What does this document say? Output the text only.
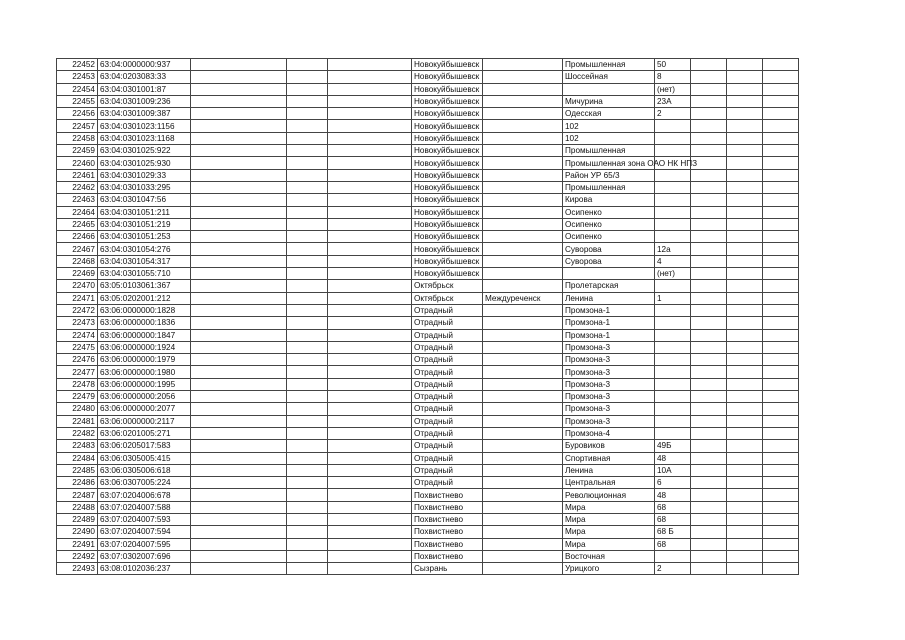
22452	63:04:0000000:937				Новокуйбышевск		Промышленная	50			
22453	63:04:0203083:33				Новокуйбышевск		Шоссейная	8			
22454	63:04:0301001:87				Новокуйбышевск			(нет)			
22455	63:04:0301009:236				Новокуйбышевск		Мичурина	23А			
22456	63:04:0301009:387				Новокуйбышевск		Одесская	2			
22457	63:04:0301023:1156				Новокуйбышевск		102				
22458	63:04:0301023:1168				Новокуйбышевск		102				
22459	63:04:0301025:922				Новокуйбышевск		Промышленная				
22460	63:04:0301025:930				Новокуйбышевск		Промышленная зона ОАО НК НПЗ				
22461	63:04:0301029:33				Новокуйбышевск		Район УР 65/3				
22462	63:04:0301033:295				Новокуйбышевск		Промышленная				
22463	63:04:0301047:56				Новокуйбышевск		Кирова				
22464	63:04:0301051:211				Новокуйбышевск		Осипенко				
22465	63:04:0301051:219				Новокуйбышевск		Осипенко				
22466	63:04:0301051:253				Новокуйбышевск		Осипенко				
22467	63:04:0301054:276				Новокуйбышевск		Суворова	12а			
22468	63:04:0301054:317				Новокуйбышевск		Суворова	4			
22469	63:04:0301055:710				Новокуйбышевск			(нет)			
22470	63:05:0103061:367				Октябрьск		Пролетарская				
22471	63:05:0202001:212				Октябрьск	Междуреченск	Ленина	1			
22472	63:06:0000000:1828				Отрадный		Промзона-1				
22473	63:06:0000000:1836				Отрадный		Промзона-1				
22474	63:06:0000000:1847				Отрадный		Промзона-1				
22475	63:06:0000000:1924				Отрадный		Промзона-3				
22476	63:06:0000000:1979				Отрадный		Промзона-3				
22477	63:06:0000000:1980				Отрадный		Промзона-3				
22478	63:06:0000000:1995				Отрадный		Промзона-3				
22479	63:06:0000000:2056				Отрадный		Промзона-3				
22480	63:06:0000000:2077				Отрадный		Промзона-3				
22481	63:06:0000000:2117				Отрадный		Промзона-3				
22482	63:06:0201005:271				Отрадный		Промзона-4				
22483	63:06:0205017:583				Отрадный		Буровиков	49Б			
22484	63:06:0305005:415				Отрадный		Спортивная	48			
22485	63:06:0305006:618				Отрадный		Ленина	10А			
22486	63:06:0307005:224				Отрадный		Центральная	6			
22487	63:07:0204006:678				Похвистнево		Революционная	48			
22488	63:07:0204007:588				Похвистнево		Мира	68			
22489	63:07:0204007:593				Похвистнево		Мира	68			
22490	63:07:0204007:594				Похвистнево		Мира	68 Б			
22491	63:07:0204007:595				Похвистнево		Мира	68			
22492	63:07:0302007:696				Похвистнево		Восточная				
22493	63:08:0102036:237				Сызрань		Урицкого	2			
